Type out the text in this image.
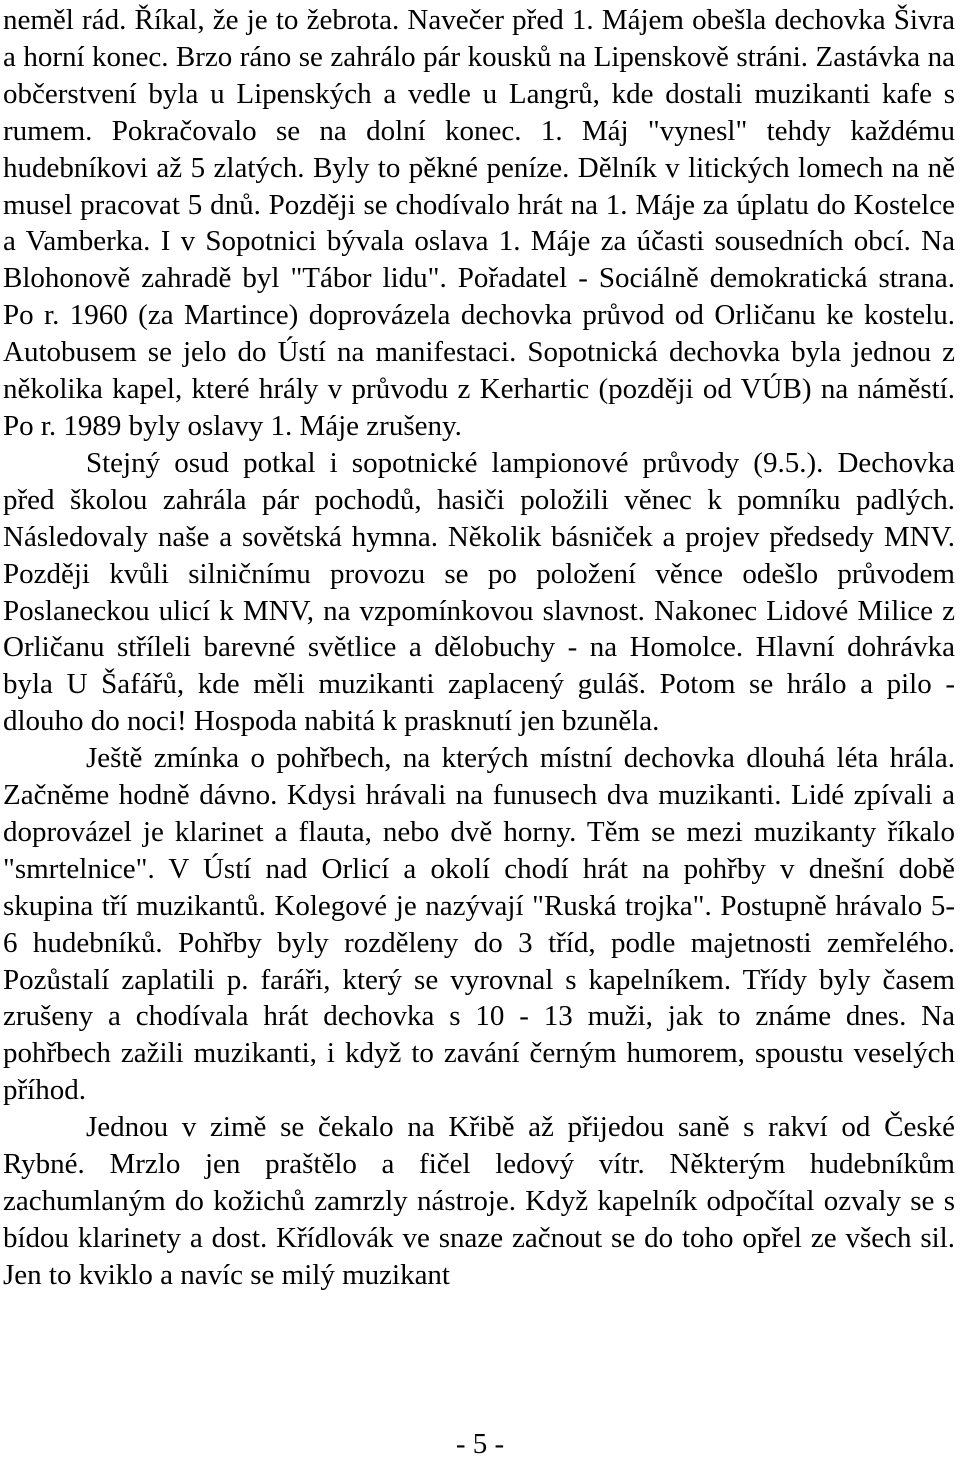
neměl rád. Říkal, že je to žebrota. Navečer před 1. Májem obešla dechovka Šivra a horní konec. Brzo ráno se zahrálo pár kousků na Lipenskově stráni. Zastávka na občerstvení byla u Lipenských a vedle u Langrů, kde dostali muzikanti kafe s rumem. Pokračovalo se na dolní konec. 1. Máj "vynesl" tehdy každému hudebníkovi až 5 zlatých. Byly to pěkné peníze. Dělník v litických lomech na ně musel pracovat 5 dnů. Později se chodívalo hrát na 1. Máje za úplatu do Kostelce a Vamberka. I v Sopotnici bývala oslava 1. Máje za účasti sousedních obcí. Na Blohonově zahradě byl "Tábor lidu". Pořadatel - Sociálně demokratická strana. Po r. 1960 (za Martince) doprovázela dechovka průvod od Orličanu ke kostelu. Autobusem se jelo do Ústí na manifestaci. Sopotnická dechovka byla jednou z několika kapel, které hrály v průvodu z Kerhartic (později od VÚB) na náměstí. Po r. 1989 byly oslavy 1. Máje zrušeny.

Stejný osud potkal i sopotnické lampionové průvody (9.5.). Dechovka před školou zahrála pár pochodů, hasiči položili věnec k pomníku padlých. Následovaly naše a sovětská hymna. Několik básniček a projev předsedy MNV. Později kvůli silničnímu provozu se po položení věnce odešlo průvodem Poslaneckou ulicí k MNV, na vzpomínkovou slavnost. Nakonec Lidové Milice z Orličanu stříleli barevné světlice a dělobuchy - na Homolce. Hlavní dohrávka byla U Šafářů, kde měli muzikanti zaplacený guláš. Potom se hrálo a pilo - dlouho do noci! Hospoda nabitá k prasknutí jen bzuněla.

Ještě zmínka o pohřbech, na kterých místní dechovka dlouhá léta hrála. Začněme hodně dávno. Kdysi hrávali na funusech dva muzikanti. Lidé zpívali a doprovázel je klarinet a flauta, nebo dvě horny. Těm se mezi muzikanty říkalo "smrtelnice". V Ústí nad Orlicí a okolí chodí hrát na pohřby v dnešní době skupina tří muzikantů. Kolegové je nazývají "Ruská trojka". Postupně hrávalo 5-6 hudebníků. Pohřby byly rozděleny do 3 tříd, podle majetnosti zemřelého. Pozůstalí zaplatili p. faráři, který se vyrovnal s kapelníkem. Třídy byly časem zrušeny a chodívala hrát dechovka s 10 - 13 muži, jak to známe dnes. Na pohřbech zažili muzikanti, i když to zavání černým humorem, spoustu veselých příhod.

Jednou v zimě se čekalo na Křibě až přijedou saně s rakví od České Rybné. Mrzlo jen praštělo a fičel ledový vítr. Některým hudebníkům zachumlaným do kožichů zamrzly nástroje. Když kapelník odpočítal ozvaly se s bídou klarinety a dost. Křídlovák ve snaze začnout se do toho opřel ze všech sil. Jen to kviklo a navíc se milý muzikant

- 5 -
